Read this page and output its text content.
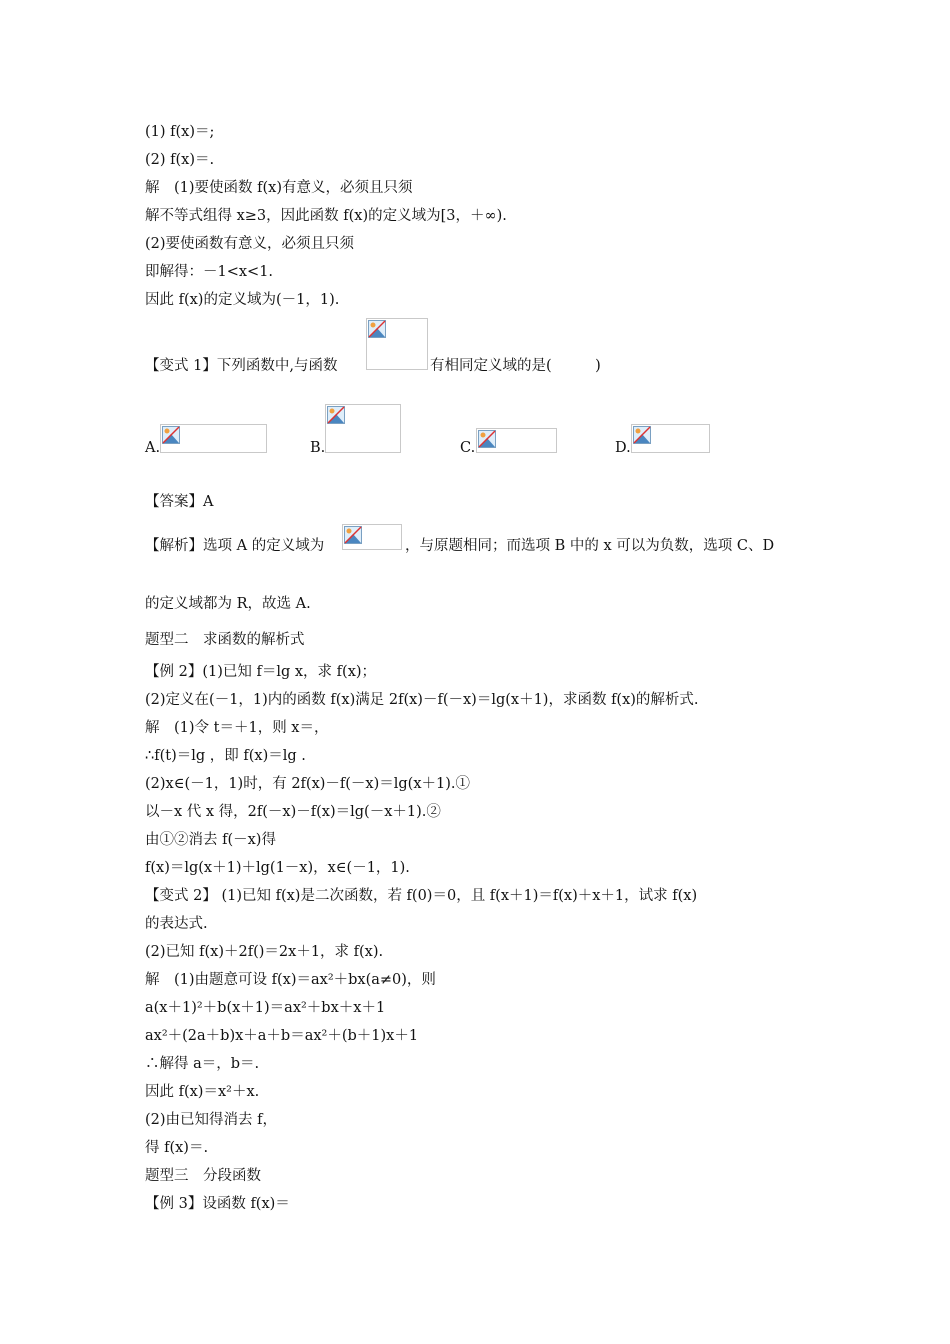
(1) f(x)＝;
(2) f(x)＝.
解　(1)要使函数 f(x)有意义，必须且只须
解不等式组得 x≥3，因此函数 f(x)的定义域为[3，＋∞).
(2)要使函数有意义，必须且只须
即解得：－1<x<1.
因此 f(x)的定义域为(－1，1).
【变式 1】下列函数中,与函数	有相同定义域的是(　　　)
A.	B.	C.	D.
【答案】A
【解析】选项 A 的定义域为	，与原题相同；而选项 B 中的 x 可以为负数，选项 C、D
的定义域都为 R，故选 A.
题型二　求函数的解析式
【例 2】(1)已知 f＝lg x，求 f(x)；
(2)定义在(－1，1)内的函数 f(x)满足 2f(x)－f(－x)＝lg(x＋1)，求函数 f(x)的解析式.
解　(1)令 t＝＋1，则 x＝，
∴f(t)＝lg ，即 f(x)＝lg .
(2)x∈(－1，1)时，有 2f(x)－f(－x)＝lg(x＋1).①
以－x 代 x 得，2f(－x)－f(x)＝lg(－x＋1).②
由①②消去 f(－x)得
f(x)＝lg(x＋1)＋lg(1－x)，x∈(－1，1).
【变式 2】 (1)已知 f(x)是二次函数，若 f(0)＝0，且 f(x＋1)＝f(x)＋x＋1，试求 f(x)
的表达式.
(2)已知 f(x)＋2f()＝2x＋1，求 f(x).
解　(1)由题意可设 f(x)＝ax²＋bx(a≠0)，则
a(x＋1)²＋b(x＋1)＝ax²＋bx＋x＋1
ax²＋(2a＋b)x＋a＋b＝ax²＋(b＋1)x＋1
∴解得 a＝，b＝.
因此 f(x)＝x²＋x.
(2)由已知得消去 f，
得 f(x)＝.
题型三　分段函数
【例 3】设函数 f(x)＝
